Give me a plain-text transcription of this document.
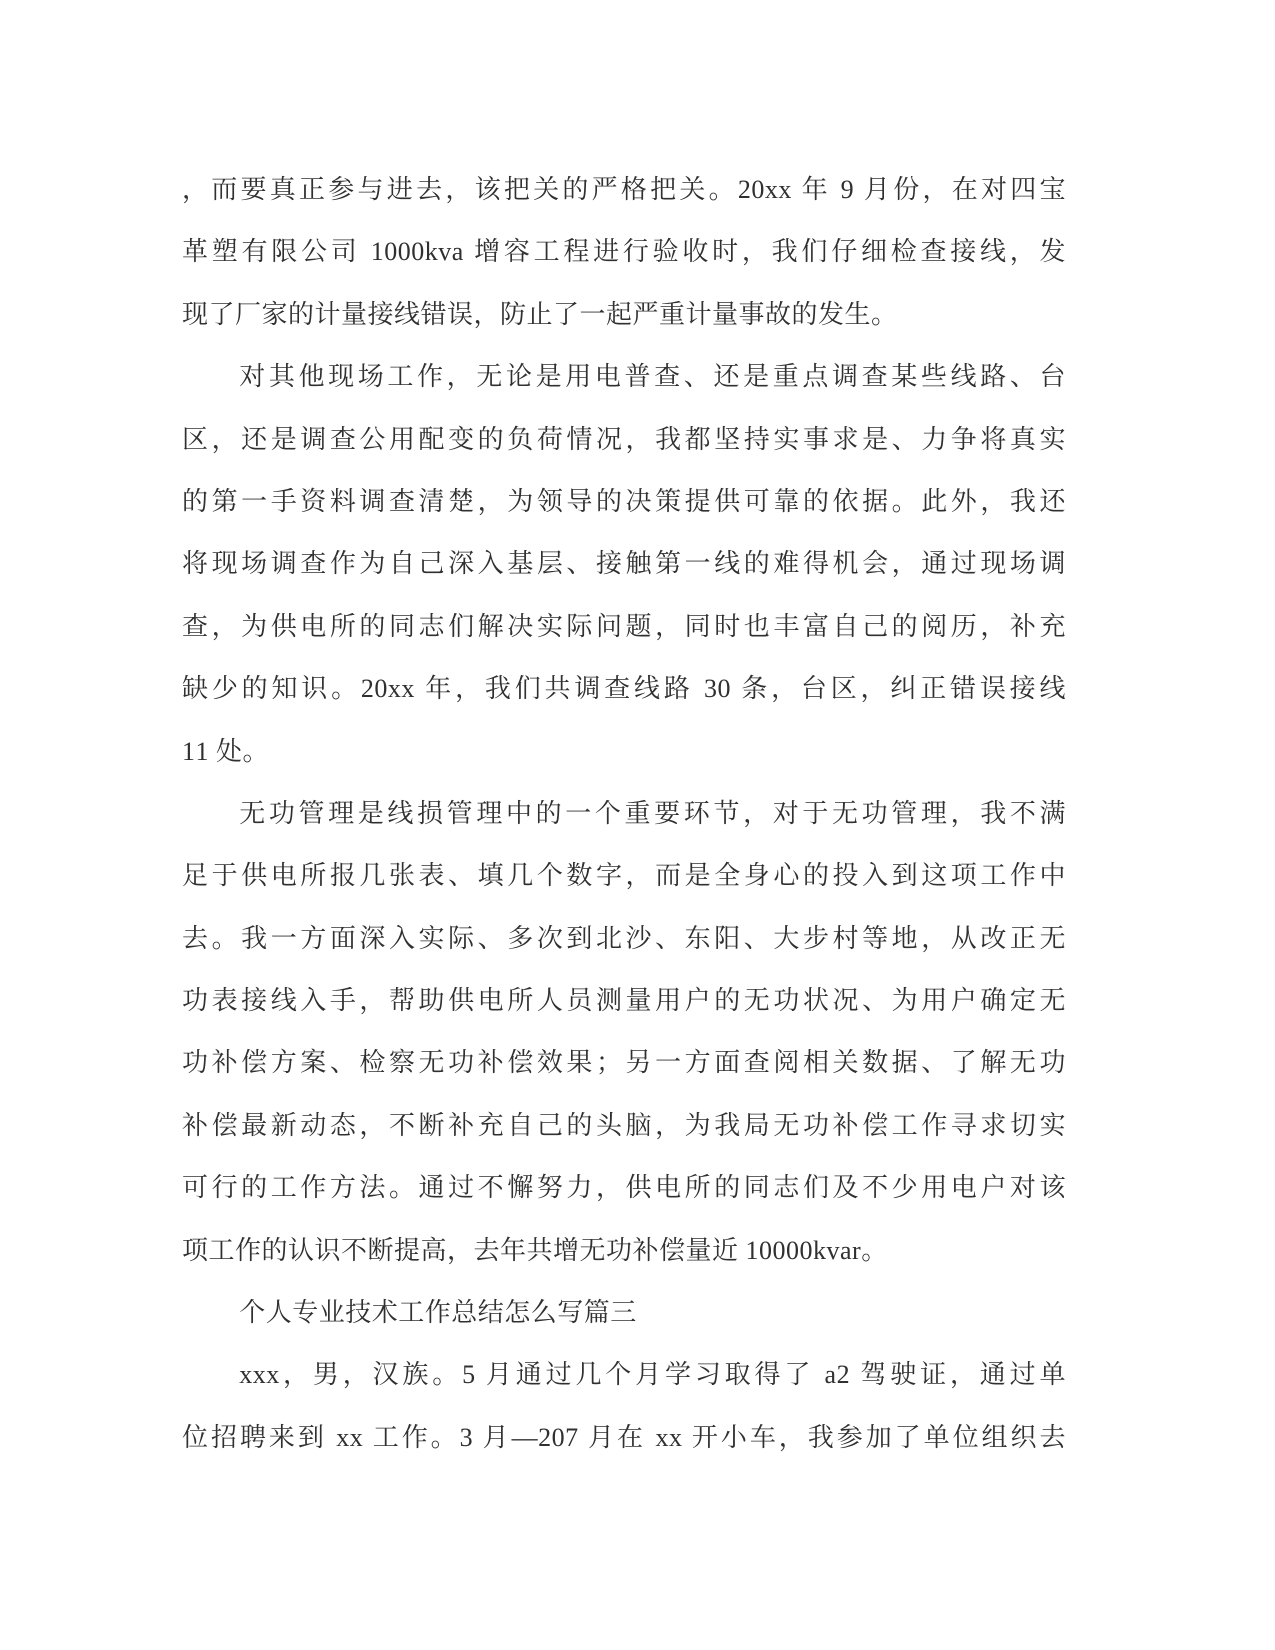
，而要真正参与进去，该把关的严格把关。20xx 年 9 月份，在对四宝
革塑有限公司 1000kva 增容工程进行验收时，我们仔细检查接线，发
现了厂家的计量接线错误，防止了一起严重计量事故的发生。
对其他现场工作，无论是用电普查、还是重点调查某些线路、台
区，还是调查公用配变的负荷情况，我都坚持实事求是、力争将真实
的第一手资料调查清楚，为领导的决策提供可靠的依据。此外，我还
将现场调查作为自己深入基层、接触第一线的难得机会，通过现场调
查，为供电所的同志们解决实际问题，同时也丰富自己的阅历，补充
缺少的知识。20xx 年，我们共调查线路 30 条，台区，纠正错误接线
11 处。
无功管理是线损管理中的一个重要环节，对于无功管理，我不满
足于供电所报几张表、填几个数字，而是全身心的投入到这项工作中
去。我一方面深入实际、多次到北沙、东阳、大步村等地，从改正无
功表接线入手，帮助供电所人员测量用户的无功状况、为用户确定无
功补偿方案、检察无功补偿效果；另一方面查阅相关数据、了解无功
补偿最新动态，不断补充自己的头脑，为我局无功补偿工作寻求切实
可行的工作方法。通过不懈努力，供电所的同志们及不少用电户对该
项工作的认识不断提高，去年共增无功补偿量近 10000kvar。
个人专业技术工作总结怎么写篇三
xxx，男，汉族。5 月通过几个月学习取得了 a2 驾驶证，通过单
位招聘来到 xx 工作。3 月—207 月在 xx 开小车，我参加了单位组织去
